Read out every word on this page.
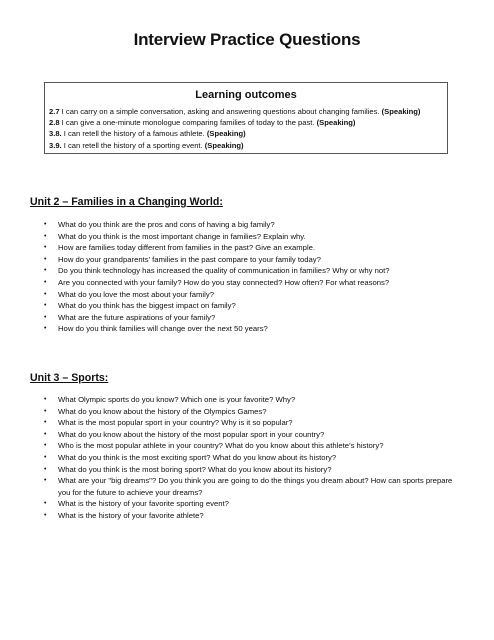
Interview Practice Questions
Learning outcomes
2.7 I can carry on a simple conversation, asking and answering questions about changing families. (Speaking)
2.8 I can give a one-minute monologue comparing families of today to the past. (Speaking)
3.8. I can retell the history of a famous athlete. (Speaking)
3.9. I can retell the history of a sporting event. (Speaking)
Unit 2 – Families in a Changing World:
• What do you think are the pros and cons of having a big family?
• What do you think is the most important change in families? Explain why.
• How are families today different from families in the past? Give an example.
• How do your grandparents’ families in the past compare to your family today?
• Do you think technology has increased the quality of communication in families? Why or why not?
• Are you connected with your family? How do you stay connected? How often? For what reasons?
• What do you love the most about your family?
• What do you think has the biggest impact on family?
• What are the future aspirations of your family?
• How do you think families will change over the next 50 years?
Unit 3 – Sports:
• What Olympic sports do you know? Which one is your favorite? Why?
• What do you know about the history of the Olympics Games?
• What is the most popular sport in your country? Why is it so popular?
• What do you know about the history of the most popular sport in your country?
• Who is the most popular athlete in your country? What do you know about this athlete’s history?
• What do you think is the most exciting sport? What do you know about its history?
• What do you think is the most boring sport? What do you know about its history?
• What are your "big dreams"? Do you think you are going to do the things you dream about? How can sports prepare you for the future to achieve your dreams?
• What is the history of your favorite sporting event?
• What is the history of your favorite athlete?
